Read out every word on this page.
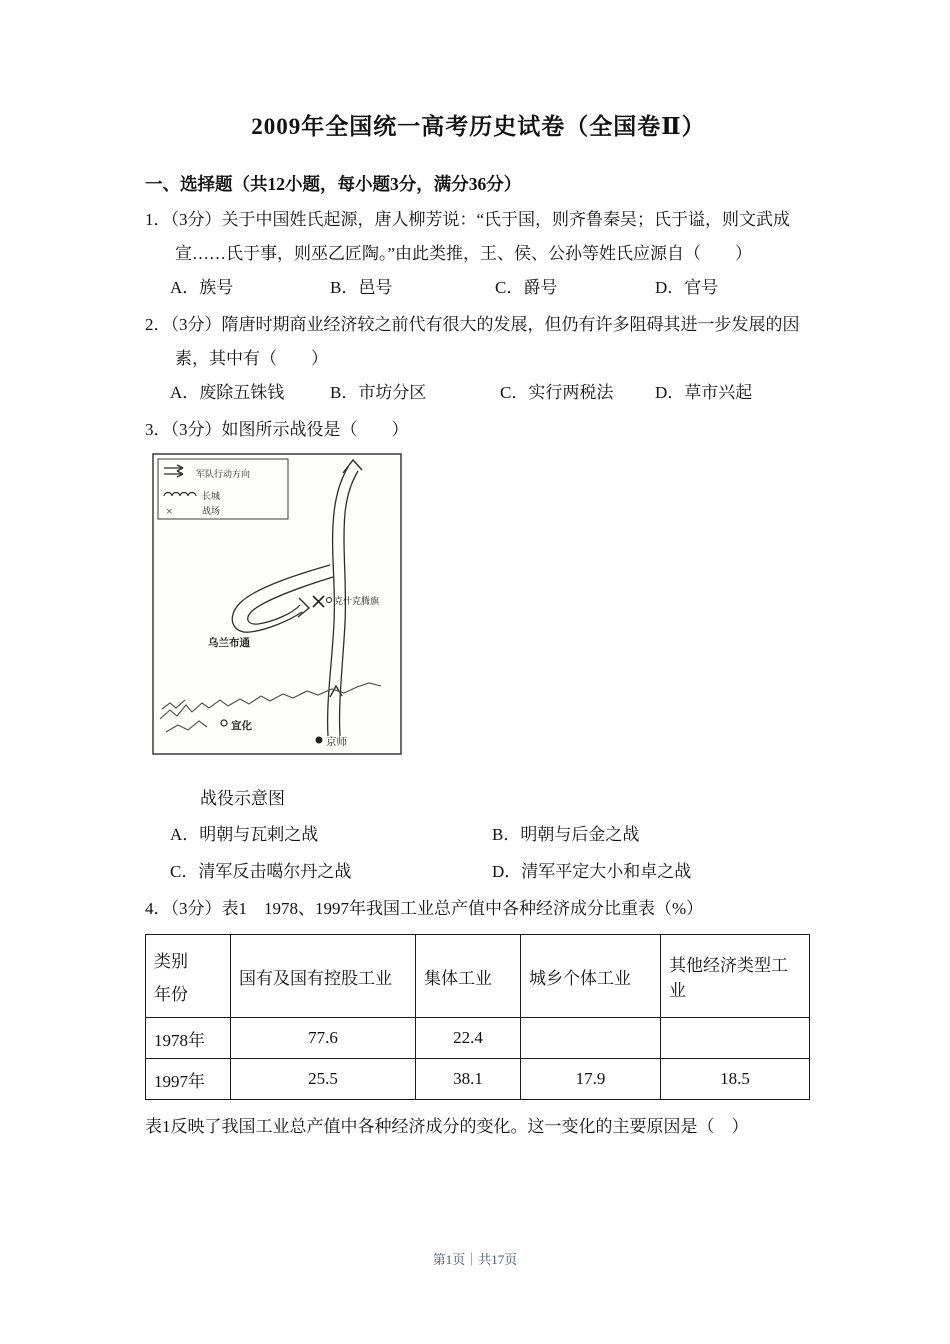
2009年全国统一高考历史试卷（全国卷Ⅱ）
一、选择题（共12小题，每小题3分，满分36分）

1．（3分）关于中国姓氏起源，唐人柳芳说：“氏于国，则齐鲁秦吴；氏于谥，则文武成宣……氏于事，则巫乙匠陶。”由此类推，王、侯、公孙等姓氏应源自（　　）

A．族号	B．邑号	C．爵号	D．官号

2．（3分）隋唐时期商业经济较之前代有很大的发展，但仍有许多阻碍其进一步发展的因素，其中有（　　）

A．废除五铢钱	B．市坊分区	C．实行两税法	D．草市兴起

3．（3分）如图所示战役是（　　）

军队行动方向
长城
×	战场
克什克腾旗
乌兰布通
宣化
京师
战役示意图
A．明朝与瓦剌之战	B．明朝与后金之战
C．清军反击噶尔丹之战	D．清军平定大小和卓之战

4．（3分）表1　1978、1997年我国工业总产值中各种经济成分比重表（%）

类别
年份	国有及国有控股工业	集体工业	城乡个体工业	其他经济类型工业
1978年	77.6	22.4		
1997年	25.5	38.1	17.9	18.5

表1反映了我国工业总产值中各种经济成分的变化。这一变化的主要原因是（　）

第1页｜共17页
